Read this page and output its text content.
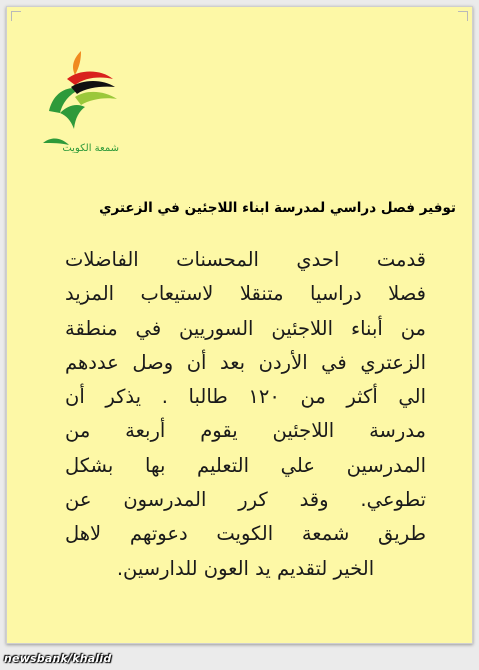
شمعة الكويت
توفير فصل دراسي لمدرسة ابناء اللاجئين في الزعتري
قدمت احدي المحسنات الفاضلات
فصلا دراسيا متنقلا لاستيعاب المزيد
من أبناء اللاجئين السوريين في منطقة
الزعتري في الأردن بعد أن وصل عددهم
الي أكثر من ١٢٠ طالبا . يذكر أن
مدرسة اللاجئين يقوم أربعة من
المدرسين علي التعليم بها بشكل
تطوعي. وقد كرر المدرسون عن
طريق شمعة الكويت دعوتهم لاهل
الخير لتقديم يد العون للدارسين.
newsbank/khalid
